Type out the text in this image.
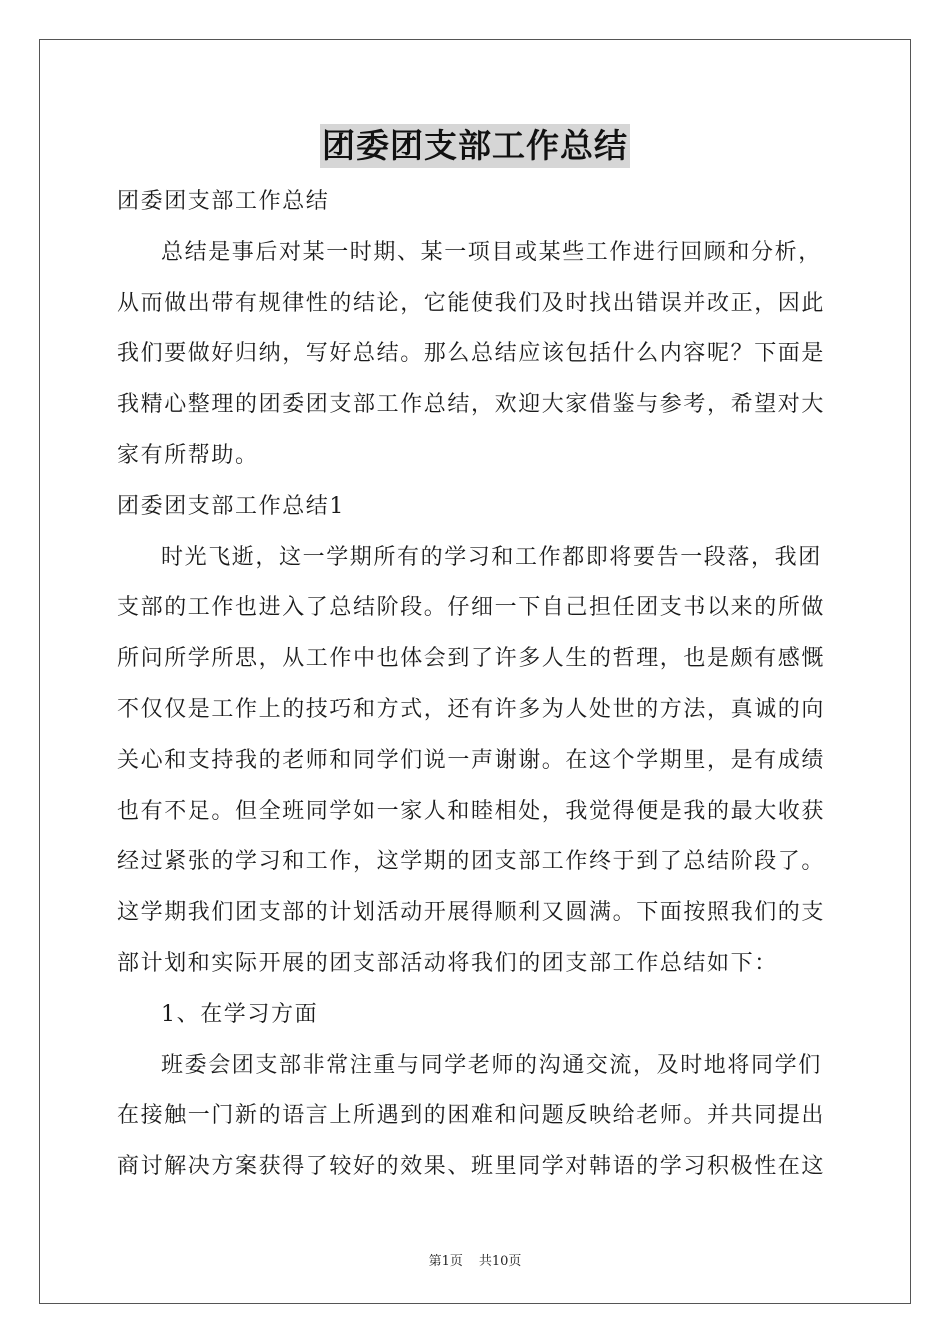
团委团支部工作总结

团委团支部工作总结

总结是事后对某一时期、某一项目或某些工作进行回顾和分析，从而做出带有规律性的结论，它能使我们及时找出错误并改正，因此我们要做好归纳，写好总结。那么总结应该包括什么内容呢？下面是我精心整理的团委团支部工作总结，欢迎大家借鉴与参考，希望对大家有所帮助。

团委团支部工作总结1

时光飞逝，这一学期所有的学习和工作都即将要告一段落，我团支部的工作也进入了总结阶段。仔细一下自己担任团支书以来的所做所问所学所思，从工作中也体会到了许多人生的哲理，也是颇有感慨不仅仅是工作上的技巧和方式，还有许多为人处世的方法，真诚的向关心和支持我的老师和同学们说一声谢谢。在这个学期里，是有成绩也有不足。但全班同学如一家人和睦相处，我觉得便是我的最大收获经过紧张的学习和工作，这学期的团支部工作终于到了总结阶段了。这学期我们团支部的计划活动开展得顺利又圆满。下面按照我们的支部计划和实际开展的团支部活动将我们的团支部工作总结如下：

1、在学习方面

班委会团支部非常注重与同学老师的沟通交流，及时地将同学们在接触一门新的语言上所遇到的困难和问题反映给老师。并共同提出商讨解决方案获得了较好的效果、班里同学对韩语的学习积极性在这

第1页 共10页
